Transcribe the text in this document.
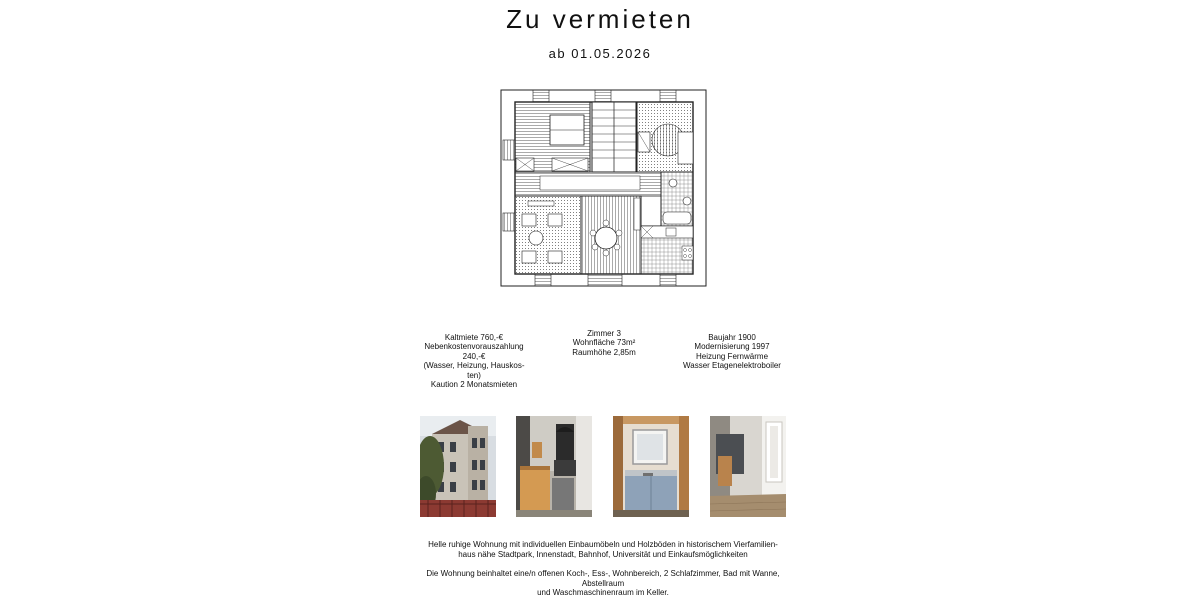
Zu vermieten
ab 01.05.2026
Kaltmiete 760,-€
Nebenkostenvorauszahlung
240,-€
(Wasser, Heizung, Hauskos-
ten)
Kaution 2 Monatsmieten
Zimmer 3
Wohnfläche 73m²
Raumhöhe 2,85m
Baujahr 1900
Modernisierung 1997
Heizung Fernwärme
Wasser Etagenelektroboiler
Helle ruhige Wohnung mit individuellen Einbaumöbeln und Holzböden in historischem Vierfamilien-
haus nähe Stadtpark, Innenstadt, Bahnhof, Universität und Einkaufsmöglichkeiten
Die Wohnung beinhaltet eine/n offenen Koch-, Ess-, Wohnbereich, 2 Schlafzimmer, Bad mit Wanne,
Abstellraum
und Waschmaschinenraum im Keller.
